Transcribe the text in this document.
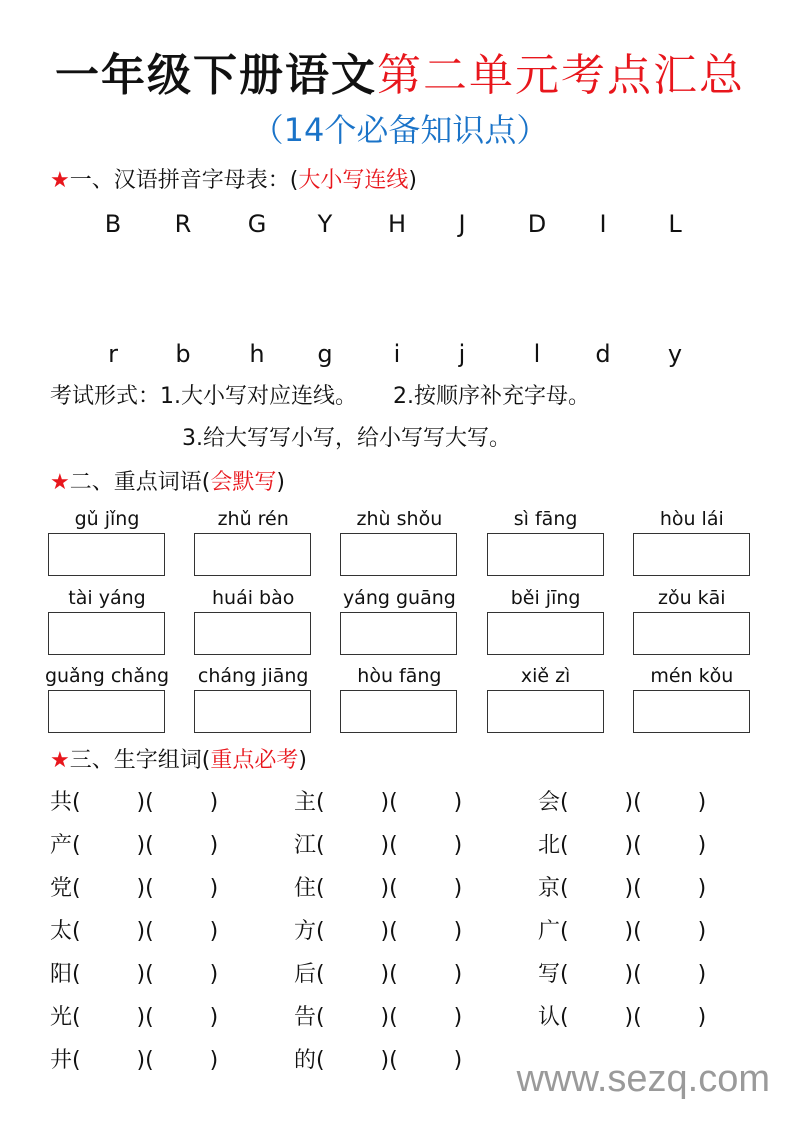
一年级下册语文第二单元考点汇总
（14个必备知识点）
★一、汉语拼音字母表：(大小写连线)
B R G Y H J	D I	L
r b h g	i j	l d y
考试形式：1.大小写对应连线。 2.按顺序补充字母。
3.给大写写小写，给小写写大写。
★二、重点词语(会默写)
gǔ jǐng	zhǔ rén	zhù shǒu	sì fāng	hòu lái
tài yáng	huái bào	yáng guāng	běi jīng	zǒu kāi
guǎng chǎng	cháng jiāng	hòu fāng	xiě zì	mén kǒu
★三、生字组词(重点必考)
共(        )(        )	主(        )(        )	会(        )(        )
产(        )(        )	江(        )(        )	北(        )(        )
党(        )(        )	住(        )(        )	京(        )(        )
太(        )(        )	方(        )(        )	广(        )(        )
阳(        )(        )	后(        )(        )	写(        )(        )
光(        )(        )	告(        )(        )	认(        )(        )
井(        )(        )	的(        )(        ) www.sezq.com
